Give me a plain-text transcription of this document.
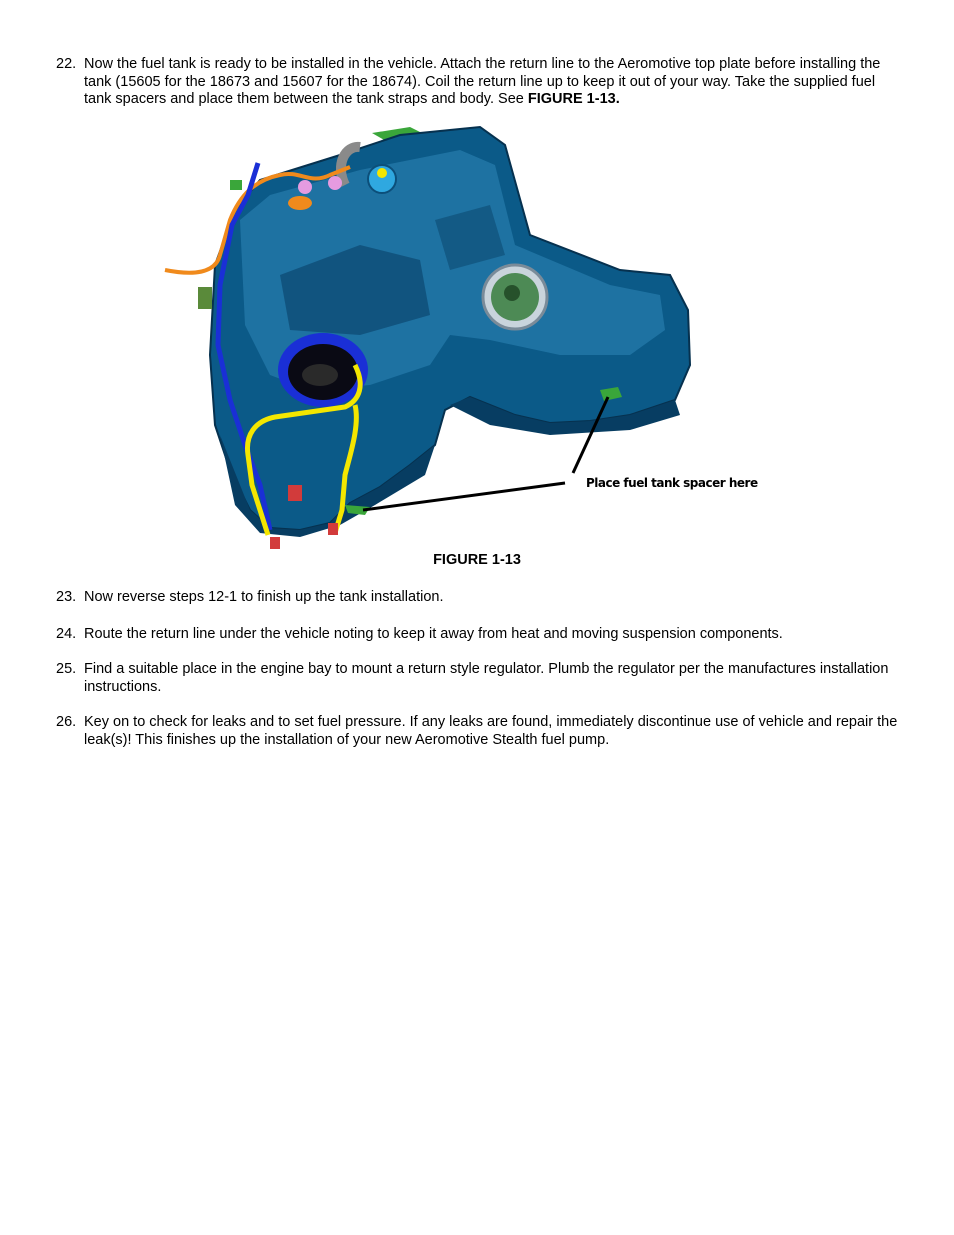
22. Now the fuel tank is ready to be installed in the vehicle. Attach the return line to the Aeromotive top plate before installing the tank (15605 for the 18673 and 15607 for the 18674). Coil the return line up to keep it out of your way. Take the supplied fuel tank spacers and place them between the tank straps and body. See FIGURE 1-13.
Place fuel tank spacer here
FIGURE 1-13
23. Now reverse steps 12-1 to finish up the tank installation.
24. Route the return line under the vehicle noting to keep it away from heat and moving suspension components.
25. Find a suitable place in the engine bay to mount a return style regulator. Plumb the regulator per the manufactures installation instructions.
26. Key on to check for leaks and to set fuel pressure. If any leaks are found, immediately discontinue use of vehicle and repair the leak(s)! This finishes up the installation of your new Aeromotive Stealth fuel pump.
